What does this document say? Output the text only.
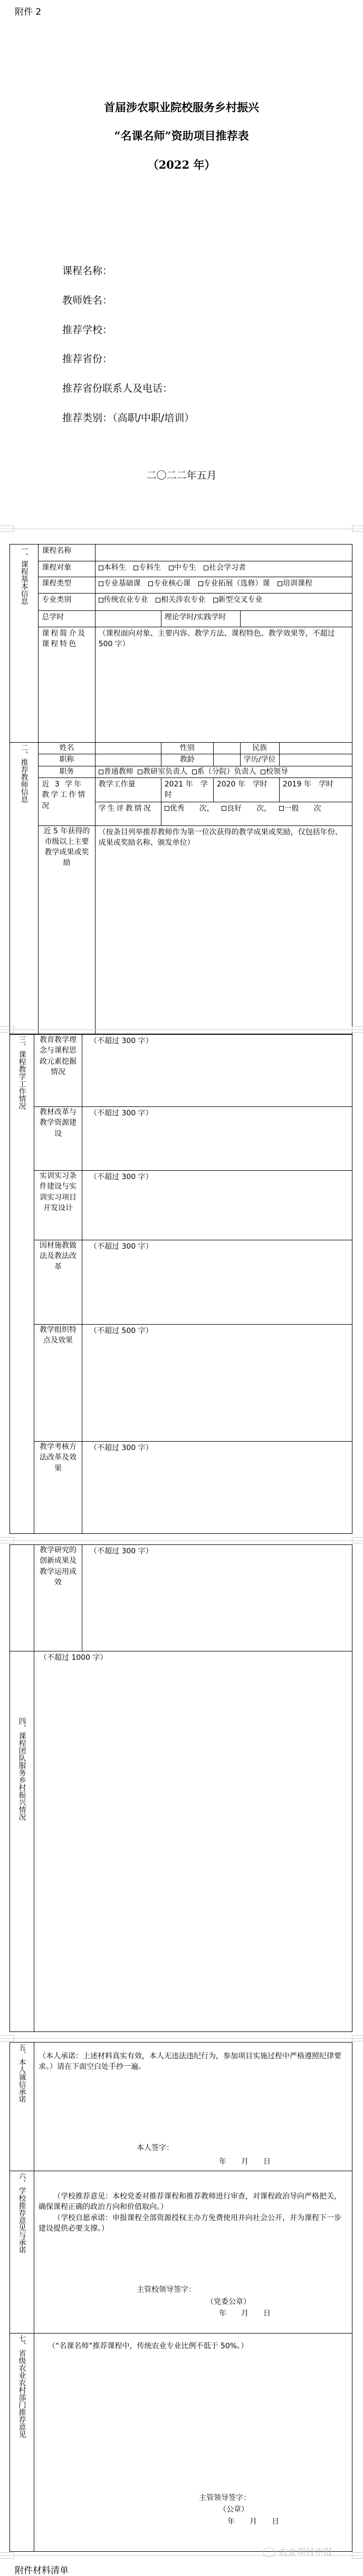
附件 2
首届涉农职业院校服务乡村振兴
“名课名师”资助项目推荐表
（2022 年）
课程名称：
教师姓名：
推荐学校：
推荐省份：
推荐省份联系人及电话：
推荐类别：（高职/中职/培训）
二〇二二年五月
一、课程基本信息	课程名称					
	课程对象	本科生 专科生 中专生 社会学习者				
	课程类型	专业基础课 专业核心课 专业拓展（选修）课 培训课程				
	专业类别	传统农业专业 相关涉农专业 新型交叉专业				
	总学时		理论学时/实践学时			
	课程简介及课程特色	（课程面向对象、主要内容、教学方法、课程特色、教学效果等，不超过 500 字）				
二、推荐教师信息	姓名		性别		民族	
	职称		教龄		学历/学位	
	职务	普通教师 教研室负责人 系（分院）负责人 校领导				
	近 3 学年教学工作情况	教学工作量	2021 年　学时	2020 年　学时		2019 年　学时
		学生评教情况	优秀　　次， 良好　　次， 一般　　次			
	近 5 年获得的市级以上主要教学成果或奖励	（按条目列举推荐教师作为第一位次获得的教学成果或奖励，仅包括年份、成果或奖励名称、颁发单位）				
三、课程教学工作情况	教育教学理念与课程思政元素挖掘情况	（不超过 300 字）
	教材改革与教学资源建设	（不超过 300 字）
	实训实习条件建设与实训实习项目开发设计	（不超过 300 字）
	因材施教做法及教法改革	（不超过 300 字）
	教学组织特点及效果	（不超过 500 字）
	教学考核方法改革及效果	（不超过 300 字）
	教学研究的创新成果及教学运用成效	（不超过 300 字）
四、课程团队服务乡村振兴情况	（不超过 1000 字）	
五、本人诚信承诺	（本人承诺：上述材料真实有效，本人无违法违纪行为，参加项目实施过程中严格遵照纪律要求。）请在下面空白处手抄一遍。
本人签字：
年　　月　　日

六、学校推荐意见与承诺	（学校推荐意见：本校党委对推荐课程和推荐教师进行审查，对课程政治导向严格把关，确保课程正确的政治方向和价值取向。）
（学校自愿承诺：申报课程全部资源授权主办方免费使用并向社会公开，并为课程下一步建设提供必要支撑。）
主管校领导签字：
（党委公章）
年　　月　　日

七、省级农业农村部门推荐意见	（“名课名师”推荐课程中，传统农业专业比例不低于 50%。）
主管领导签字：
（公章）
年　　月　　日
农业项目申报
附件材料清单
